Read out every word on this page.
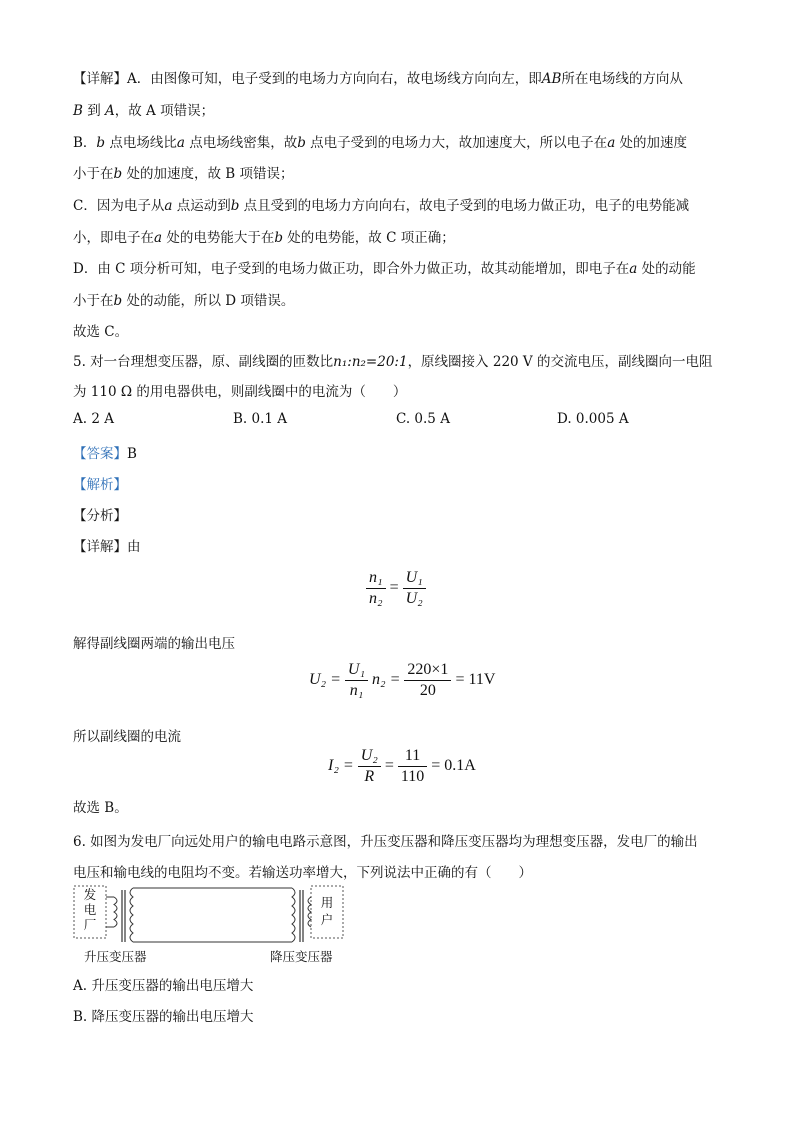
【详解】A．由图像可知，电子受到的电场力方向向右，故电场线方向向左，即AB所在电场线的方向从
B 到 A，故 A 项错误；
B．b 点电场线比a 点电场线密集，故b 点电子受到的电场力大，故加速度大，所以电子在a 处的加速度
小于在b 处的加速度，故 B 项错误；
C．因为电子从a 点运动到b 点且受到的电场力方向向右，故电子受到的电场力做正功，电子的电势能减
小，即电子在a 处的电势能大于在b 处的电势能，故 C 项正确；
D．由 C 项分析可知，电子受到的电场力做正功，即合外力做正功，故其动能增加，即电子在a 处的动能
小于在b 处的动能，所以 D 项错误。
故选 C。
5. 对一台理想变压器，原、副线圈的匝数比n₁:n₂=20:1，原线圈接入 220 V 的交流电压，副线圈向一电阻
为 110 Ω 的用电器供电，则副线圈中的电流为（　　）
A. 2 A	B. 0.1 A	C. 0.5 A	D. 0.005 A
【答案】B
【解析】
【分析】
【详解】由
$\frac{\text{n₁}}{\text{n₂}} = \frac{\text{U₁}}{\text{U₂}}$
解得副线圈两端的输出电压
$U_2 = \frac{\text{U₁}}{\text{n₁}} n_2 = \frac{220\times 1}{20} = 11V$
所以副线圈的电流
$I_2 = \frac{\text{U₂}}{R} = \frac{11}{110} = 0.1A$
故选 B。
6. 如图为发电厂向远处用户的输电电路示意图，升压变压器和降压变压器均为理想变压器，发电厂的输出
电压和输电线的电阻均不变。若输送功率增大，下列说法中正确的有（　　）
发电厂
用户
升压变压器	降压变压器
A. 升压变压器的输出电压增大
B. 降压变压器的输出电压增大
